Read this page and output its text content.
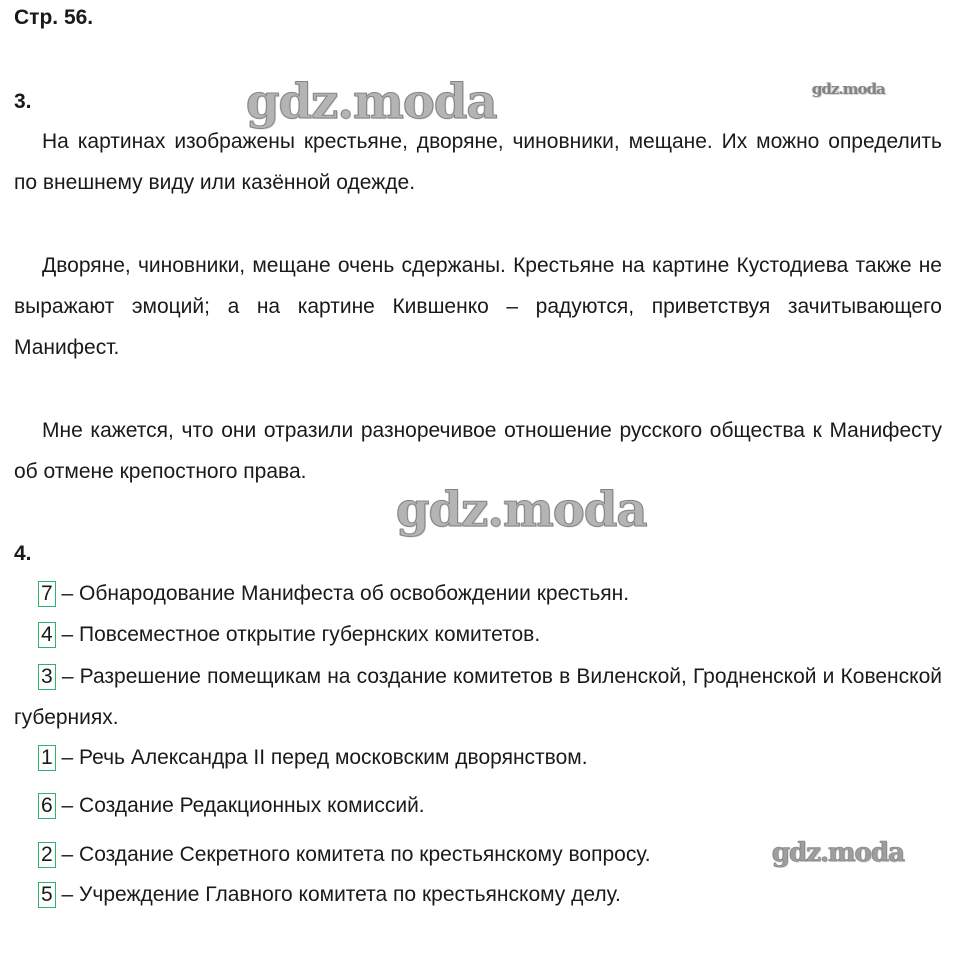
Стр. 56.
gdz.moda	gdz.moda
gdz.moda
gdz.moda
3.
На картинах изображены крестьяне, дворяне, чиновники, мещане. Их можно определить по внешнему виду или казённой одежде.
Дворяне, чиновники, мещане очень сдержаны. Крестьяне на картине Кустодиева также не выражают эмоций; а на картине Кившенко – радуются, приветствуя зачитывающего Манифест.
Мне кажется, что они отразили разноречивое отношение русского общества к Манифесту об отмене крепостного права.
4.
7 – Обнародование Манифеста об освобождении крестьян.
4 – Повсеместное открытие губернских комитетов.
3 – Разрешение помещикам на создание комитетов в Виленской, Гродненской и Ковенской губерниях.
1 – Речь Александра II перед московским дворянством.
6 – Создание Редакционных комиссий.
2 – Создание Секретного комитета по крестьянскому вопросу.
5 – Учреждение Главного комитета по крестьянскому делу.
